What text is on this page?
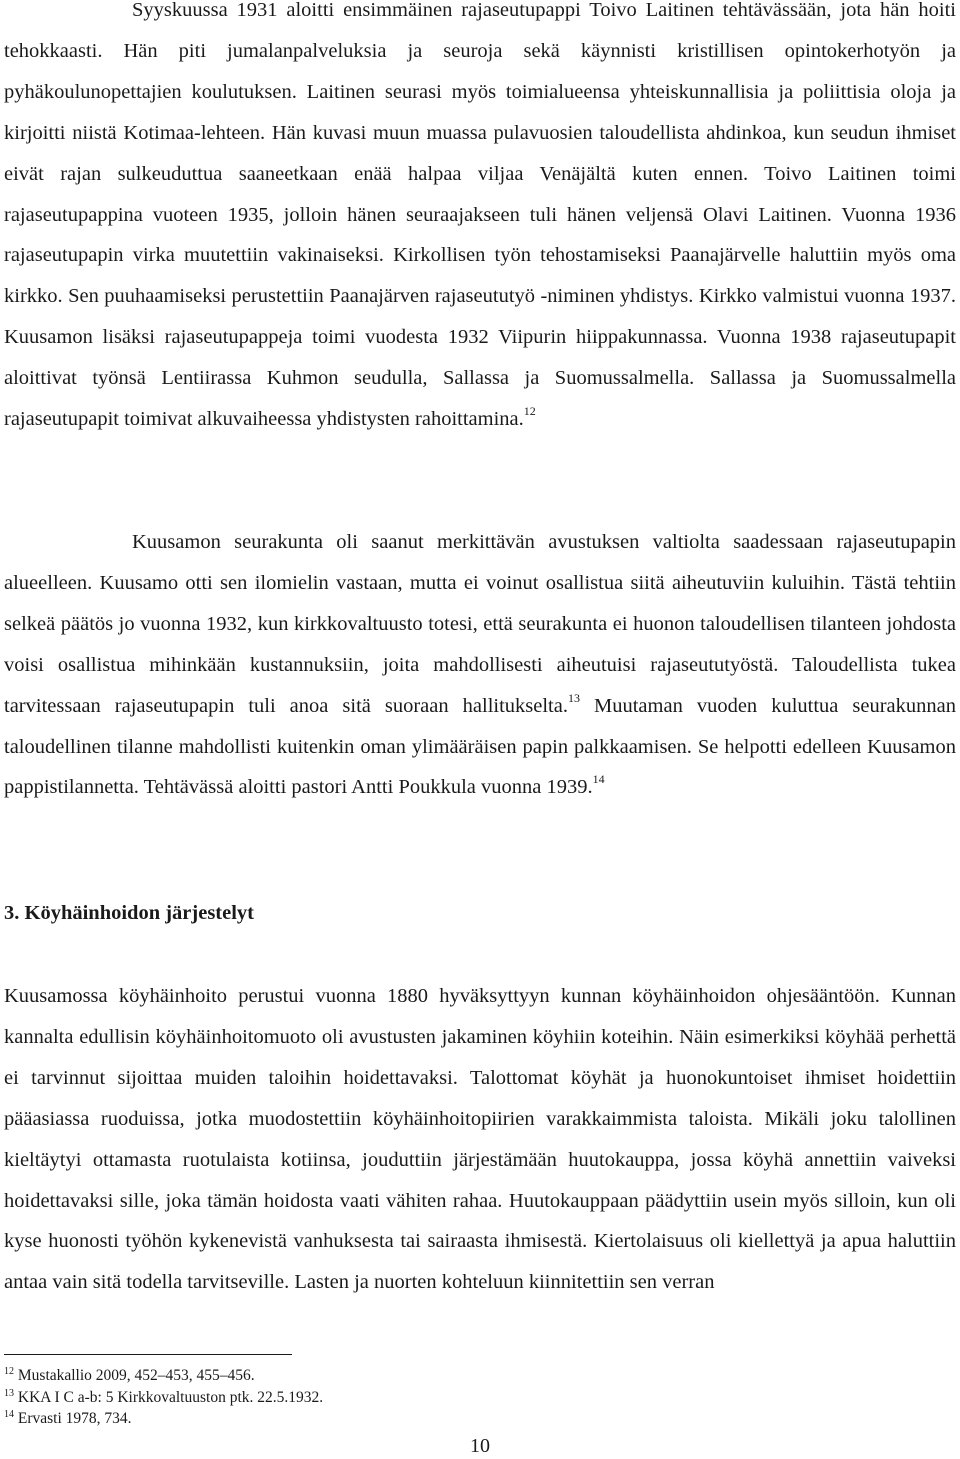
Syyskuussa 1931 aloitti ensimmäinen rajaseutupappi Toivo Laitinen tehtävässään, jota hän hoiti tehokkaasti. Hän piti jumalanpalveluksia ja seuroja sekä käynnisti kristillisen opintokerhotyön ja pyhäkoulunopettajien koulutuksen. Laitinen seurasi myös toimialueensa yhteiskunnallisia ja poliittisia oloja ja kirjoitti niistä Kotimaa-lehteen. Hän kuvasi muun muassa pulavuosien taloudellista ahdinkoa, kun seudun ihmiset eivät rajan sulkeuduttua saaneetkaan enää halpaa viljaa Venäjältä kuten ennen. Toivo Laitinen toimi rajaseutupappina vuoteen 1935, jolloin hänen seuraajakseen tuli hänen veljensä Olavi Laitinen. Vuonna 1936 rajaseutupapin virka muutettiin vakinaiseksi. Kirkollisen työn tehostamiseksi Paanajärvelle haluttiin myös oma kirkko. Sen puuhaamiseksi perustettiin Paanajärven rajaseututyö -niminen yhdistys. Kirkko valmistui vuonna 1937. Kuusamon lisäksi rajaseutupappeja toimi vuodesta 1932 Viipurin hiippakunnassa. Vuonna 1938 rajaseutupapit aloittivat työnsä Lentiirassa Kuhmon seudulla, Sallassa ja Suomussalmella. Sallassa ja Suomussalmella rajaseutupapit toimivat alkuvaiheessa yhdistysten rahoittamina.$^{12}$

Kuusamon seurakunta oli saanut merkittävän avustuksen valtiolta saadessaan rajaseutupapin alueelleen. Kuusamo otti sen ilomielin vastaan, mutta ei voinut osallistua siitä aiheutuviin kuluihin. Tästä tehtiin selkeä päätös jo vuonna 1932, kun kirkkovaltuusto totesi, että seurakunta ei huonon taloudellisen tilanteen johdosta voisi osallistua mihinkään kustannuksiin, joita mahdollisesti aiheutuisi rajaseututyöstä. Taloudellista tukea tarvitessaan rajaseutupapin tuli anoa sitä suoraan hallitukselta.$^{13}$ Muutaman vuoden kuluttua seurakunnan taloudellinen tilanne mahdollisti kuitenkin oman ylimääräisen papin palkkaamisen. Se helpotti edelleen Kuusamon pappistilannetta. Tehtävässä aloitti pastori Antti Poukkula vuonna 1939.14

3. Köyhäinhoidon järjestelyt

Kuusamossa köyhäinhoito perustui vuonna 1880 hyväksyttyyn kunnan köyhäinhoidon ohjesääntöön. Kunnan kannalta edullisin köyhäinhoitomuoto oli avustusten jakaminen köyhiin koteihin. Näin esimerkiksi köyhää perhettä ei tarvinnut sijoittaa muiden taloihin hoidettavaksi. Talottomat köyhät ja huonokuntoiset ihmiset hoidettiin pääasiassa ruoduissa, jotka muodostettiin köyhäinhoitopiirien varakkaimmista taloista. Mikäli joku talollinen kieltäytyi ottamasta ruotulaista kotiinsa, jouduttiin järjestämään huutokauppa, jossa köyhä annettiin vaiveksi hoidettavaksi sille, joka tämän hoidosta vaati vähiten rahaa. Huutokauppaan päädyttiin usein myös silloin, kun oli kyse huonosti työhön kykenevistä vanhuksesta tai sairaasta ihmisestä. Kiertolaisuus oli kiellettyä ja apua haluttiin antaa vain sitä todella tarvitseville. Lasten ja nuorten kohteluun kiinnitettiin sen verran

$^{12}$ Mustakallio 2009, 452–453, 455–456.
$^{13}$ KKA I C a-b: 5 Kirkkovaltuuston ptk. 22.5.1932.
$^{14}$ Ervasti 1978, 734.
10
